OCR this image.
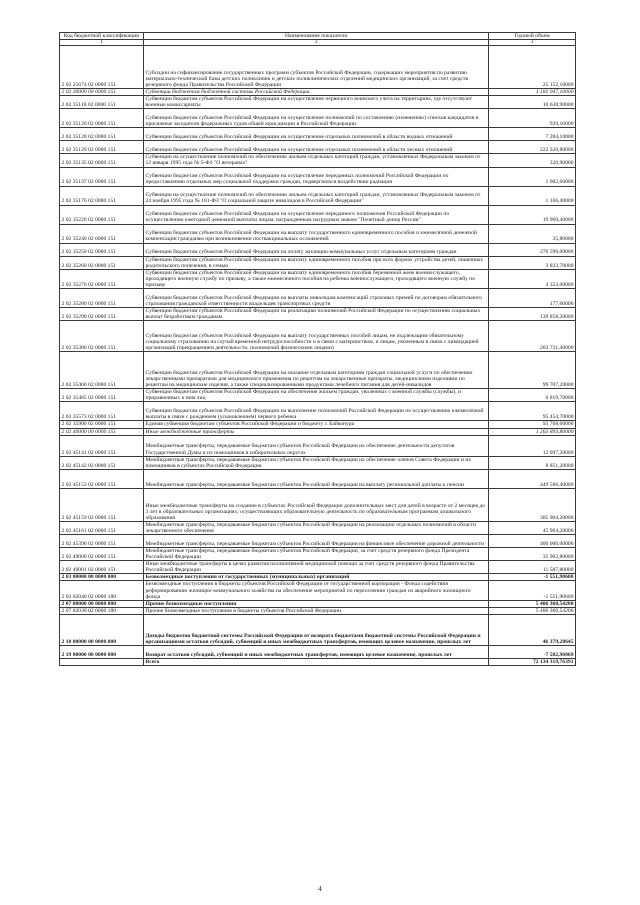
Код бюджетной классификации	Наименование показателя	Годовой объем
1	2	3
2 02 25674 02 0000 151	Субсидии на софинансирование государственных программ субъектов Российской Федерации, содержащих мероприятия по развитию материально-технической базы детских поликлиник и детских поликлинических отделений медицинских организаций, за счет средств резервного фонда Правительства Российской Федерации	25 152,10000
2 02 30000 00 0000 151	Субвенции бюджетам бюджетной системы Российской Федерации	1 181 947,10000
2 02 35118 02 0000 151	Субвенции бюджетам субъектов Российской Федерации на осуществление первичного воинского учета на территориях, где отсутствуют военные комиссариаты	10 638,90000
2 02 35120 02 0000 151	Субвенции бюджетам субъектов Российской Федерации на осуществление полномочий по составлению (изменению) списков кандидатов в присяжные заседатели федеральных судов общей юрисдикции в Российской Федерации	929,10000
2 02 35128 02 0000 151	Субвенции бюджетам субъектов Российской Федерации на осуществление отдельных полномочий в области водных отношений	7 284,10000
2 02 35129 02 0000 151	Субвенции бюджетам субъектов Российской Федерации на осуществление отдельных полномочий в области лесных отношений	222 320,80000
2 02 35135 02 0000 151	Субвенции на осуществление полномочий по обеспечению жильем отдельных категорий граждан, установленных Федеральным законом от 12 января 1995 года № 5-ФЗ "О ветеранах"	320,90000
2 02 35137 02 0000 151	Субвенции бюджетам субъектов Российской Федерации на осуществление переданных полномочий Российской Федерации по предоставлению отдельных мер социальной поддержки граждан, подвергшихся воздействию радиации	1 002,60000
2 02 35176 02 0000 151	Субвенции на осуществление полномочий по обеспечению жильем отдельных категорий граждан, установленных Федеральным законом от 24 ноября 1995 года № 181-ФЗ "О социальной защите инвалидов в Российской Федерации"	1 166,40000
2 02 35220 02 0000 151	Субвенции бюджетам субъектов Российской Федерации на осуществление переданного полномочия Российской Федерации по осуществлению ежегодной денежной выплаты лицам, награжденным нагрудным знаком "Почетный донор России"	19 960,40000
2 02 35240 02 0000 151	Субвенции бюджетам субъектов Российской Федерации на выплату государственного единовременного пособия и ежемесячной денежной компенсации гражданам при возникновении поствакцинальных осложнений	35,80000
2 02 35250 02 0000 151	Субвенции бюджетам субъектов Российской Федерации на оплату жилищно-коммунальных услуг отдельным категориям граждан	270 596,00000
2 02 35260 02 0000 151	Субвенции бюджетам субъектов Российской Федерации на выплату единовременного пособия при всех формах устройства детей, лишенных родительского попечения, в семью	3 833,70000
2 02 35270 02 0000 151	Субвенции бюджетам субъектов Российской Федерации на выплату единовременного пособия беременной жене военнослужащего, проходящего военную службу по призыву, а также ежемесячного пособия на ребенка военнослужащего, проходящего военную службу по призыву	4 353,00000
2 02 35280 02 0000 151	Субвенции бюджетам субъектов Российской Федерации на выплаты инвалидам компенсаций страховых премий по договорам обязательного страхования гражданской ответственности владельцев транспортных средств	177,60000
2 02 35290 02 0000 151	Субвенции бюджетам субъектов Российской Федерации на реализацию полномочий Российской Федерации по осуществлению социальных выплат безработным гражданам	139 858,20000
2 02 35380 02 0000 151	Субвенции бюджетам субъектов Российской Федерации на выплату государственных пособий лицам, не подлежащим обязательному социальному страхованию на случай временной нетрудоспособности и в связи с материнством, и лицам, уволенным в связи с ликвидацией организаций (прекращением деятельности, полномочий физическими лицами)	203 731,40000
2 02 35460 02 0000 151	Субвенции бюджетам субъектов Российской Федерации на оказание отдельным категориям граждан социальной услуги по обеспечению лекарственными препаратами для медицинского применения по рецептам на лекарственные препараты, медицинскими изделиями по рецептам на медицинские изделия, а также специализированными продуктами лечебного питания для детей-инвалидов	99 707,20000
2 02 35485 02 0000 151	Субвенции бюджетам субъектов Российской Федерации на обеспечение жильем граждан, уволенных с военной службы (службы), и приравненных к ним лиц	6 819,70000
2 02 35573 02 0000 151	Субвенции бюджетам субъектов Российской Федерации на выполнение полномочий Российской Федерации по осуществлению ежемесячной выплаты в связи с рождением (усыновлением) первого ребенка	95 454,70000
2 02 35900 02 0000 151	Единая субвенция бюджетам субъектов Российской Федерации и бюджету г. Байконура	93 768,60000
2 02 40000 00 0000 151	Иные межбюджетные трансферты	1 263 893,80000
2 02 45141 02 0000 151	Межбюджетные трансферты, передаваемые бюджетам субъектов Российской Федерации на обеспечение деятельности депутатов Государственной Думы и их помощников в избирательных округах	12 097,20000
2 02 45142 02 0000 151	Межбюджетные трансферты, передаваемые бюджетам субъектов Российской Федерации на обеспечение членов Совета Федерации и их помощников в субъектах Российской Федерации	8 851,20000
2 02 45153 02 0000 151	Межбюджетные трансферты, передаваемые бюджетам субъектов Российской Федерации на выплату региональной доплаты к пенсии	449 586,40000
2 02 45159 02 0000 151	Иные межбюджетные трансферты на создание в субъектах Российской Федерации дополнительных мест для детей в возрасте от 2 месяцев до 3 лет в образовательных организациях, осуществляющих образовательную деятельность по образовательным программам дошкольного образования	305 904,20000
2 02 45161 02 0000 151	Межбюджетные трансферты, передаваемые бюджетам субъектов Российской Федерации на реализацию отдельных полномочий в области лекарственного обеспечения	45 964,20000
2 02 45390 02 0000 151	Межбюджетные трансферты, передаваемые бюджетам субъектов Российской Федерации на финансовое обеспечение дорожной деятельности	400 000,00000
2 02 49000 02 0000 151	Межбюджетные трансферты, передаваемые бюджетам субъектов Российской Федерации, за счет средств резервного фонда Президента Российской Федерации	35 902,80000
2 02 49001 02 0000 151	Иные межбюджетные трансферты в целях развития паллиативной медицинской помощи за счет средств резервного фонда Правительства Российской Федерации	11 587,80000
2 03 00000 00 0000 000	Безвозмездные поступления от государственных (муниципальных) организаций	-1 551,90600
2 03 02040 02 0000 180	Безвозмездные поступления в бюджеты субъектов Российской Федерации от государственной корпорации - Фонда содействия реформированию жилищно-коммунального хозяйства на обеспечение мероприятий по переселению граждан из аварийного жилищного фонда	-1 551,90600
2 07 00000 00 0000 000	Прочие безвозмездные поступления	5 406 360,54200
2 07 02030 02 0000 180	Прочие безвозмездные поступления в бюджеты субъектов Российской Федерации	5 406 360,54200
2 18 00000 00 0000 000	Доходы бюджетов бюджетной системы Российской Федерации от возврата бюджетами бюджетной системы Российской Федерации и организациями остатков субсидий, субвенций и иных межбюджетных трансфертов, имеющих целевое назначение, прошлых лет	46 379,28645
2 19 00000 00 0000 000	Возврат остатков субсидий, субвенций и иных межбюджетных трансфертов, имеющих целевое назначение, прошлых лет	-7 582,96069
	Всего	72 134 319,76391
4
